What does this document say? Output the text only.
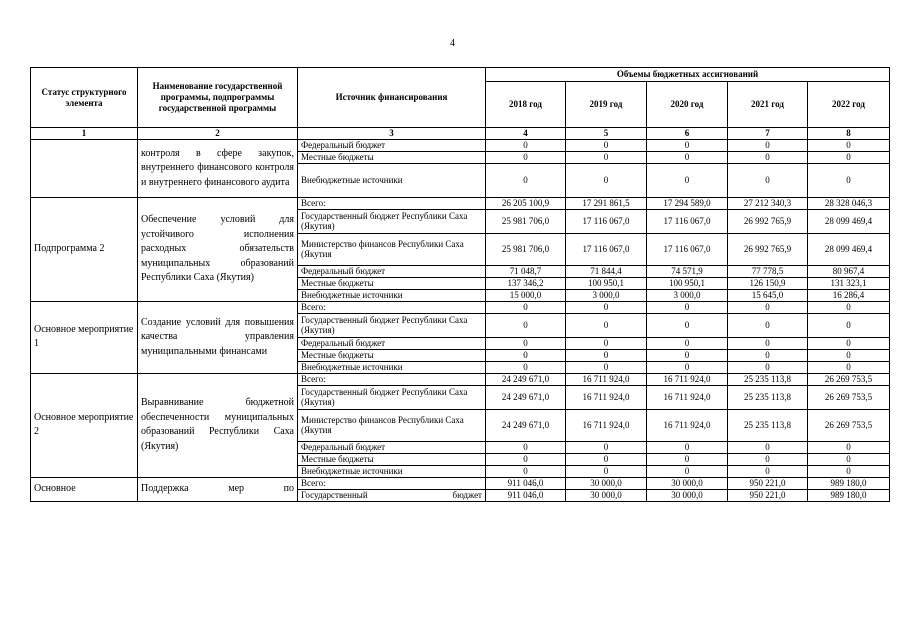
4
Статус структурного элемента	Наименование государственной программы, подпрограммы государственной программы	Источник финансирования	Объемы бюджетных ассигнований				
			2018 год	2019 год	2020 год	2021 год	2022 год
1	2	3	4	5	6	7	8
	контроля в сфере закупок, внутреннего финансового контроля и внутреннего финансового аудита	Федеральный бюджет	0	0	0	0	0
		Местные бюджеты	0	0	0	0	0
		Внебюджетные источники	0	0	0	0	0
Подпрограмма 2	Обеспечение условий для устойчивого исполнения расходных обязательств муниципальных образований Республики Саха (Якутия)	Всего:	26 205 100,9	17 291 861,5	17 294 589,0	27 212 340,3	28 328 046,3
		Государственный бюджет Республики Саха (Якутия)	25 981 706,0	17 116 067,0	17 116 067,0	26 992 765,9	28 099 469,4
		Министерство финансов Республики Саха (Якутия	25 981 706,0	17 116 067,0	17 116 067,0	26 992 765,9	28 099 469,4
		Федеральный бюджет	71 048,7	71 844,4	74 571,9	77 778,5	80 967,4
		Местные бюджеты	137 346,2	100 950,1	100 950,1	126 150,9	131 323,1
		Внебюджетные источники	15 000,0	3 000,0	3 000,0	15 645,0	16 286,4
Основное мероприятие 1	Создание условий для повышения качества управления муниципальными финансами	Всего:	0	0	0	0	0
		Государственный бюджет Республики Саха (Якутия)	0	0	0	0	0
		Федеральный бюджет	0	0	0	0	0
		Местные бюджеты	0	0	0	0	0
		Внебюджетные источники	0	0	0	0	0
Основное мероприятие 2	Выравнивание бюджетной обеспеченности муниципальных образований Республики Саха (Якутия)	Всего:	24 249 671,0	16 711 924,0	16 711 924,0	25 235 113,8	26 269 753,5
		Государственный бюджет Республики Саха (Якутия)	24 249 671,0	16 711 924,0	16 711 924,0	25 235 113,8	26 269 753,5
		Министерство финансов Республики Саха (Якутия	24 249 671,0	16 711 924,0	16 711 924,0	25 235 113,8	26 269 753,5
		Федеральный бюджет	0	0	0	0	0
		Местные бюджеты	0	0	0	0	0
		Внебюджетные источники	0	0	0	0	0
Основное	Поддержка мер по	Всего:	911 046,0	30 000,0	30 000,0	950 221,0	989 180,0

		Государственный бюджет	911 046,0	30 000,0	30 000,0	950 221,0	989 180,0
